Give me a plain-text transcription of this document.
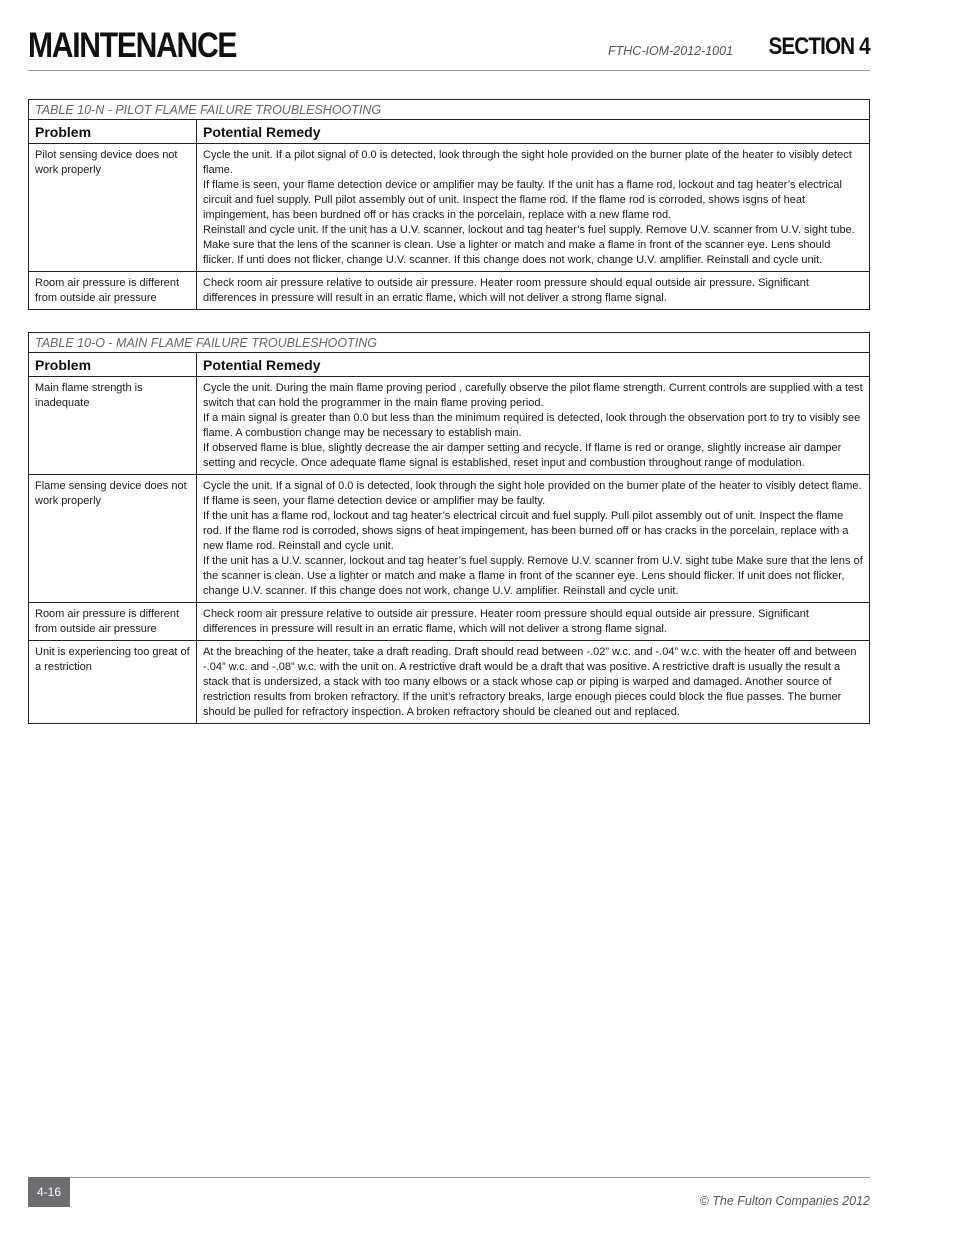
MAINTENANCE	FTHC-IOM-2012-1001 SECTION 4
TABLE 10-N - PILOT FLAME FAILURE TROUBLESHOOTING	
Problem	Potential Remedy
Pilot sensing device does not work properly	Cycle the unit. If a pilot signal of 0.0 is detected, look through the sight hole provided on the burner plate of the heater to visibly detect flame.
If flame is seen, your flame detection device or amplifier may be faulty. If the unit has a flame rod, lockout and tag heater’s electrical circuit and fuel supply. Pull pilot assembly out of unit. Inspect the flame rod. If the flame rod is corroded, shows isgns of heat impingement, has been burdned off or has cracks in the porcelain, replace with a new flame rod.
Reinstall and cycle unit. If the unit has a U.V. scanner, lockout and tag heater’s fuel supply. Remove U.V. scanner from U.V. sight tube. Make sure that the lens of the scanner is clean. Use a lighter or match and make a flame in front of the scanner eye. Lens should flicker. If unti does not flicker, change U.V. scanner. If this change does not work, change U.V. amplifier. Reinstall and cycle unit.

Room air pressure is different from outside air pressure	Check room air pressure relative to outside air pressure. Heater room pressure should equal outside air pressure. Significant differences in pressure will result in an erratic flame, which will not deliver a strong flame signal.
TABLE 10-O - MAIN FLAME FAILURE TROUBLESHOOTING	
Problem	Potential Remedy
Main flame strength is inadequate	Cycle the unit. During the main flame proving period , carefully observe the pilot flame strength. Current controls are supplied with a test switch that can hold the programmer in the main flame proving period.
If a main signal is greater than 0.0 but less than the minimum required is detected, look through the observation port to try to visibly see flame. A combustion change may be necessary to establish main.
If observed flame is blue, slightly decrease the air damper setting and recycle. If flame is red or orange, slightly increase air damper setting and recycle. Once adequate flame signal is established, reset input and combustion throughout range of modulation.

Flame sensing device does not work properly	Cycle the unit. If a signal of 0.0 is detected, look through the sight hole provided on the burner plate of the heater to visibly detect flame. If flame is seen, your flame detection device or amplifier may be faulty.
If the unit has a flame rod, lockout and tag heater’s electrical circuit and fuel supply. Pull pilot assembly out of unit. Inspect the flame rod. If the flame rod is corroded, shows signs of heat impingement, has been burned off or has cracks in the porcelain, replace with a new flame rod. Reinstall and cycle unit.
If the unit has a U.V. scanner, lockout and tag heater’s fuel supply. Remove U.V. scanner from U.V. sight tube Make sure that the lens of the scanner is clean. Use a lighter or match and make a flame in front of the scanner eye. Lens should flicker. If unit does not flicker, change U.V. scanner. If this change does not work, change U.V. amplifier. Reinstall and cycle unit.

Room air pressure is different from outside air pressure	Check room air pressure relative to outside air pressure. Heater room pressure should equal outside air pressure. Significant differences in pressure will result in an erratic flame, which will not deliver a strong flame signal.

Unit is experiencing too great of a restriction	At the breaching of the heater, take a draft reading. Draft should read between -.02” w.c. and -.04” w.c. with the heater off and between -.04” w.c. and -.08” w.c. with the unit on. A restrictive draft would be a draft that was positive. A restrictive draft is usually the result a stack that is undersized, a stack with too many elbows or a stack whose cap or piping is warped and damaged. Another source of restriction results from broken refractory. If the unit’s refractory breaks, large enough pieces could block the flue passes. The burner should be pulled for refractory inspection. A broken refractory should be cleaned out and replaced.
4-16
© The Fulton Companies 2012
